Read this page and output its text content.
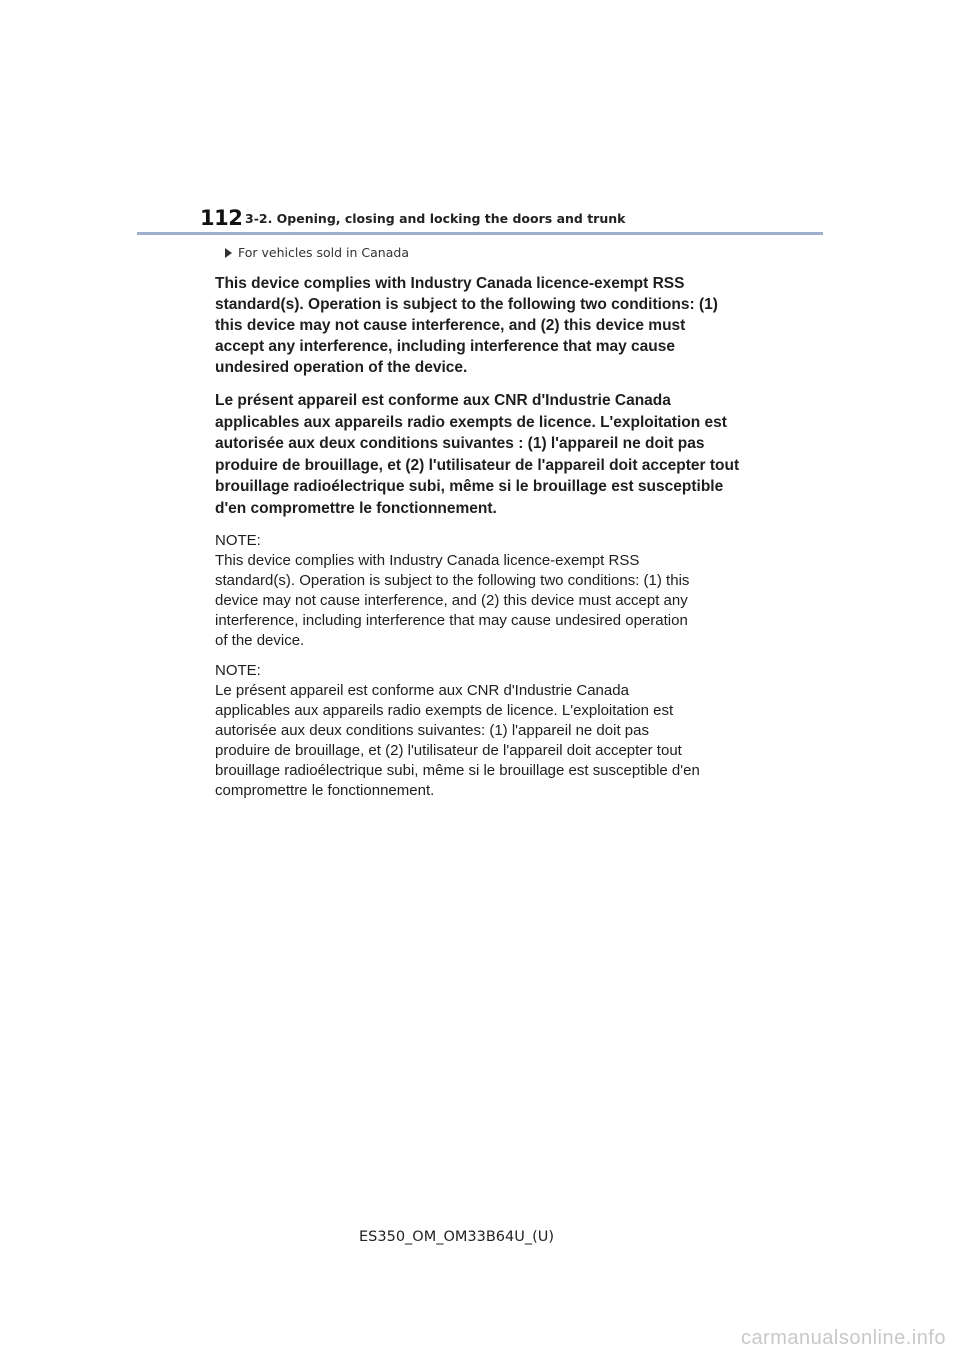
112 3-2. Opening, closing and locking the doors and trunk
For vehicles sold in Canada

This device complies with Industry Canada licence-exempt RSS

standard(s). Operation is subject to the following two conditions: (1)

this device may not cause interference, and (2) this device must

accept any interference, including interference that may cause

undesired operation of the device.

Le présent appareil est conforme aux CNR d'Industrie Canada

applicables aux appareils radio exempts de licence. L'exploitation est

autorisée aux deux conditions suivantes : (1) l'appareil ne doit pas

produire de brouillage, et (2) l'utilisateur de l'appareil doit accepter tout

brouillage radioélectrique subi, même si le brouillage est susceptible

d'en compromettre le fonctionnement.

NOTE:

This device complies with Industry Canada licence-exempt RSS

standard(s). Operation is subject to the following two conditions: (1) this

device may not cause interference, and (2) this device must accept any

interference, including interference that may cause undesired operation

of the device.

NOTE:

Le présent appareil est conforme aux CNR d'Industrie Canada

applicables aux appareils radio exempts de licence. L'exploitation est

autorisée aux deux conditions suivantes: (1) l'appareil ne doit pas

produire de brouillage, et (2) l'utilisateur de l'appareil doit accepter tout

brouillage radioélectrique subi, même si le brouillage est susceptible d'en

compromettre le fonctionnement.

ES350_OM_OM33B64U_(U)
carmanualsonline.info
